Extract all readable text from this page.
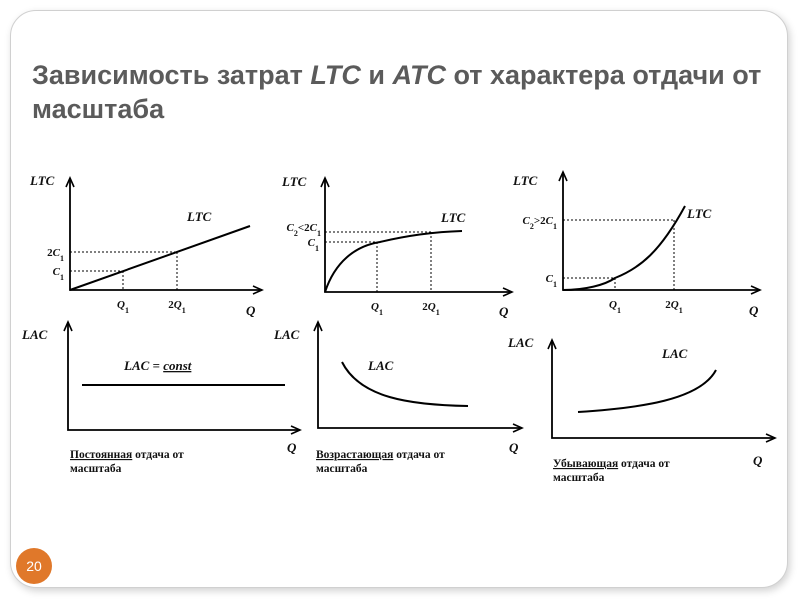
Зависимость затрат LTC и ATC от характера отдачи от масштаба
LTC
Q
LTC
$Q_1$	$2Q_1$
$C_1$
$2C_1$
LTC
Q
LTC
$Q_1$	$2Q_1$
$C_1$
$C_2<2C_1$
LTC
Q
LTC
$Q_1$	$2Q_1$
$C_1$
$C_2>2C_1$
LAC
Q
LAC = const
Постоянная отдача от
масштаба
LAC
Q
LAC
Возрастающая отдача от
масштаба
LAC
Q
LAC
Убывающая отдача от
масштаба
20
